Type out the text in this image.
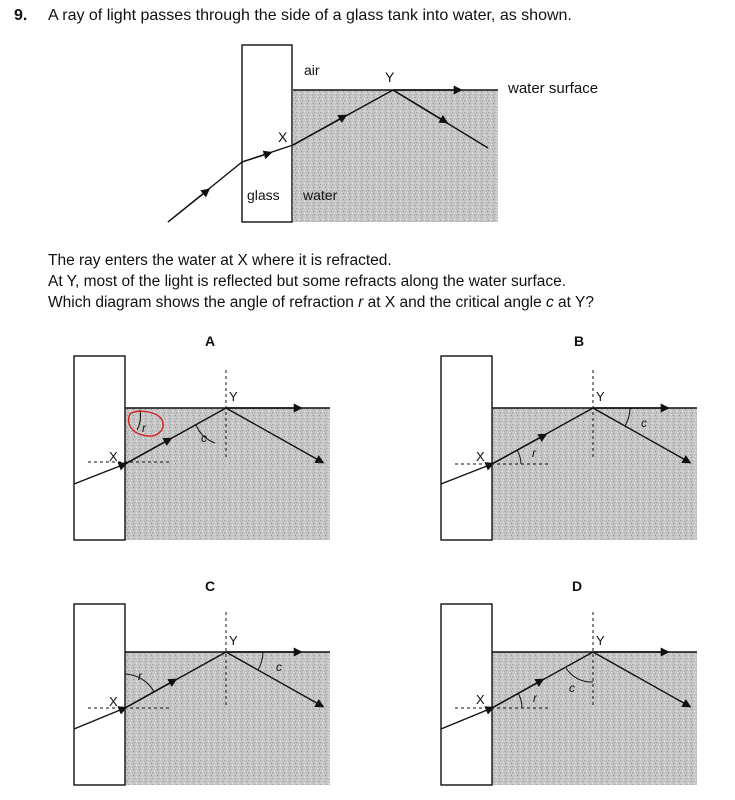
9. A ray of light passes through the side of a glass tank into water, as shown.
air	Y
X
water surface
glass water
A
X
Y
r
c
B
X
Y
r
c
C
X
Y
r
c
D
X
Y
r
c
The ray enters the water at X where it is refracted.
At Y, most of the light is reflected but some refracts along the water surface.
Which diagram shows the angle of refraction r at X and the critical angle c at Y?
